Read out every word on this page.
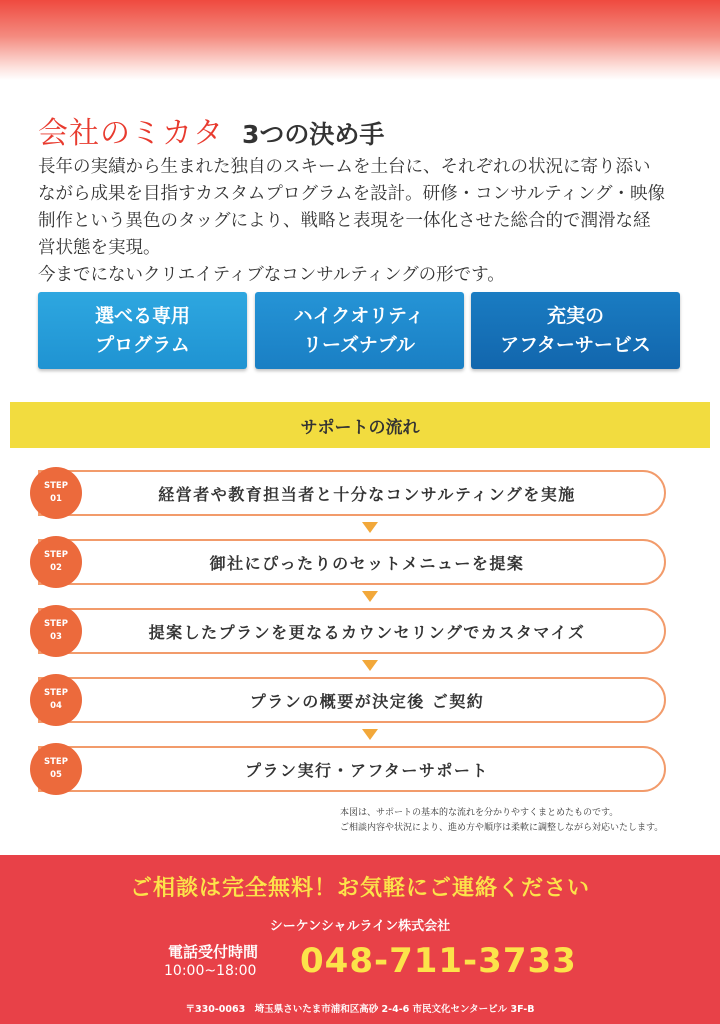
会社のミカタ 3つの決め手

長年の実績から生まれた独自のスキームを土台に、それぞれの状況に寄り添い

ながら成果を目指すカスタムプログラムを設計。研修・コンサルティング・映像

制作という異色のタッグにより、戦略と表現を一体化させた総合的で潤滑な経

営状態を実現。

今までにないクリエイティブなコンサルティングの形です。

選べる専用
プログラム
ハイクオリティ
リーズナブル
充実の
アフターサービス
サポートの流れ
経営者や教育担当者と十分なコンサルティングを実施
STEP
01
御社にぴったりのセットメニューを提案
STEP
02
提案したプランを更なるカウンセリングでカスタマイズ
STEP
03
プランの概要が決定後 ご契約
STEP
04
プラン実行・アフターサポート
STEP
05
本図は、サポートの基本的な流れを分かりやすくまとめたものです。
ご相談内容や状況により、進め方や順序は柔軟に調整しながら対応いたします。
ご相談は完全無料！お気軽にご連絡ください
シーケンシャルライン株式会社
電話受付時間
10:00~18:00 048-711-3733
〒330-0063　埼玉県さいたま市浦和区高砂 2-4-6 市民文化センタービル 3F-B
